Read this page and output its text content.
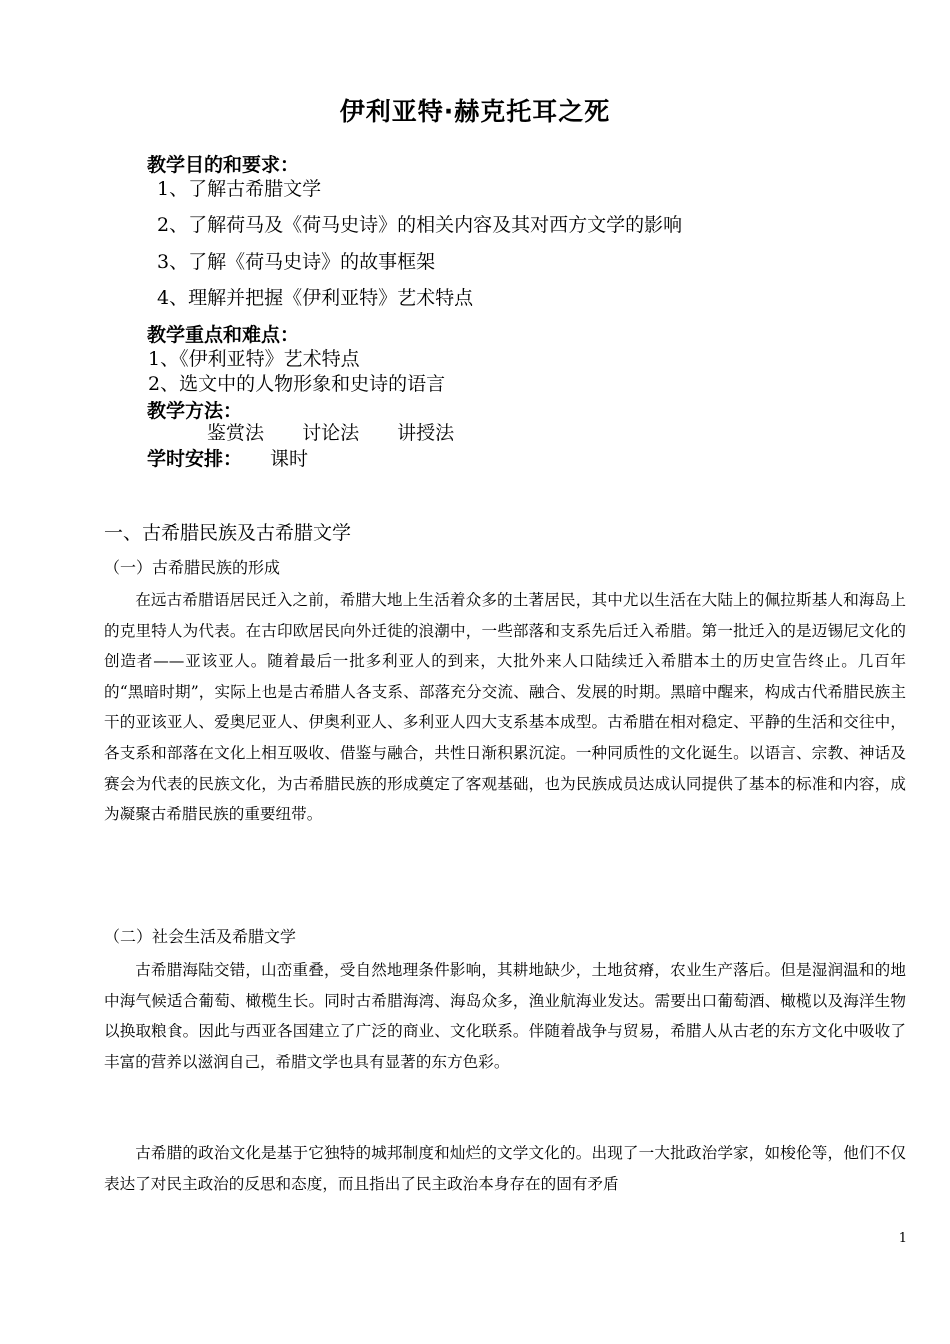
伊利亚特·赫克托耳之死
教学目的和要求：
1、了解古希腊文学
2、了解荷马及《荷马史诗》的相关内容及其对西方文学的影响
3、了解《荷马史诗》的故事框架
4、理解并把握《伊利亚特》艺术特点
教学重点和难点：
1、《伊利亚特》艺术特点
2、选文中的人物形象和史诗的语言
教学方法：
鉴赏法 讨论法 讲授法
学时安排： 课时
一、古希腊民族及古希腊文学
（一）古希腊民族的形成

在远古希腊语居民迁入之前，希腊大地上生活着众多的土著居民，其中尤以生活在大陆上的佩拉斯基人和海岛上的克里特人为代表。在古印欧居民向外迁徙的浪潮中，一些部落和支系先后迁入希腊。第一批迁入的是迈锡尼文化的创造者——亚该亚人。随着最后一批多利亚人的到来，大批外来人口陆续迁入希腊本土的历史宣告终止。几百年的“黑暗时期”，实际上也是古希腊人各支系、部落充分交流、融合、发展的时期。黑暗中醒来，构成古代希腊民族主干的亚该亚人、爱奥尼亚人、伊奥利亚人、多利亚人四大支系基本成型。古希腊在相对稳定、平静的生活和交往中，各支系和部落在文化上相互吸收、借鉴与融合，共性日渐积累沉淀。一种同质性的文化诞生。以语言、宗教、神话及赛会为代表的民族文化，为古希腊民族的形成奠定了客观基础，也为民族成员达成认同提供了基本的标准和内容，成为凝聚古希腊民族的重要纽带。

（二）社会生活及希腊文学

古希腊海陆交错，山峦重叠，受自然地理条件影响，其耕地缺少，土地贫瘠，农业生产落后。但是湿润温和的地中海气候适合葡萄、橄榄生长。同时古希腊海湾、海岛众多，渔业航海业发达。需要出口葡萄酒、橄榄以及海洋生物以换取粮食。因此与西亚各国建立了广泛的商业、文化联系。伴随着战争与贸易，希腊人从古老的东方文化中吸收了丰富的营养以滋润自己，希腊文学也具有显著的东方色彩。

古希腊的政治文化是基于它独特的城邦制度和灿烂的文学文化的。出现了一大批政治学家，如梭伦等，他们不仅表达了对民主政治的反思和态度，而且指出了民主政治本身存在的固有矛盾

1
